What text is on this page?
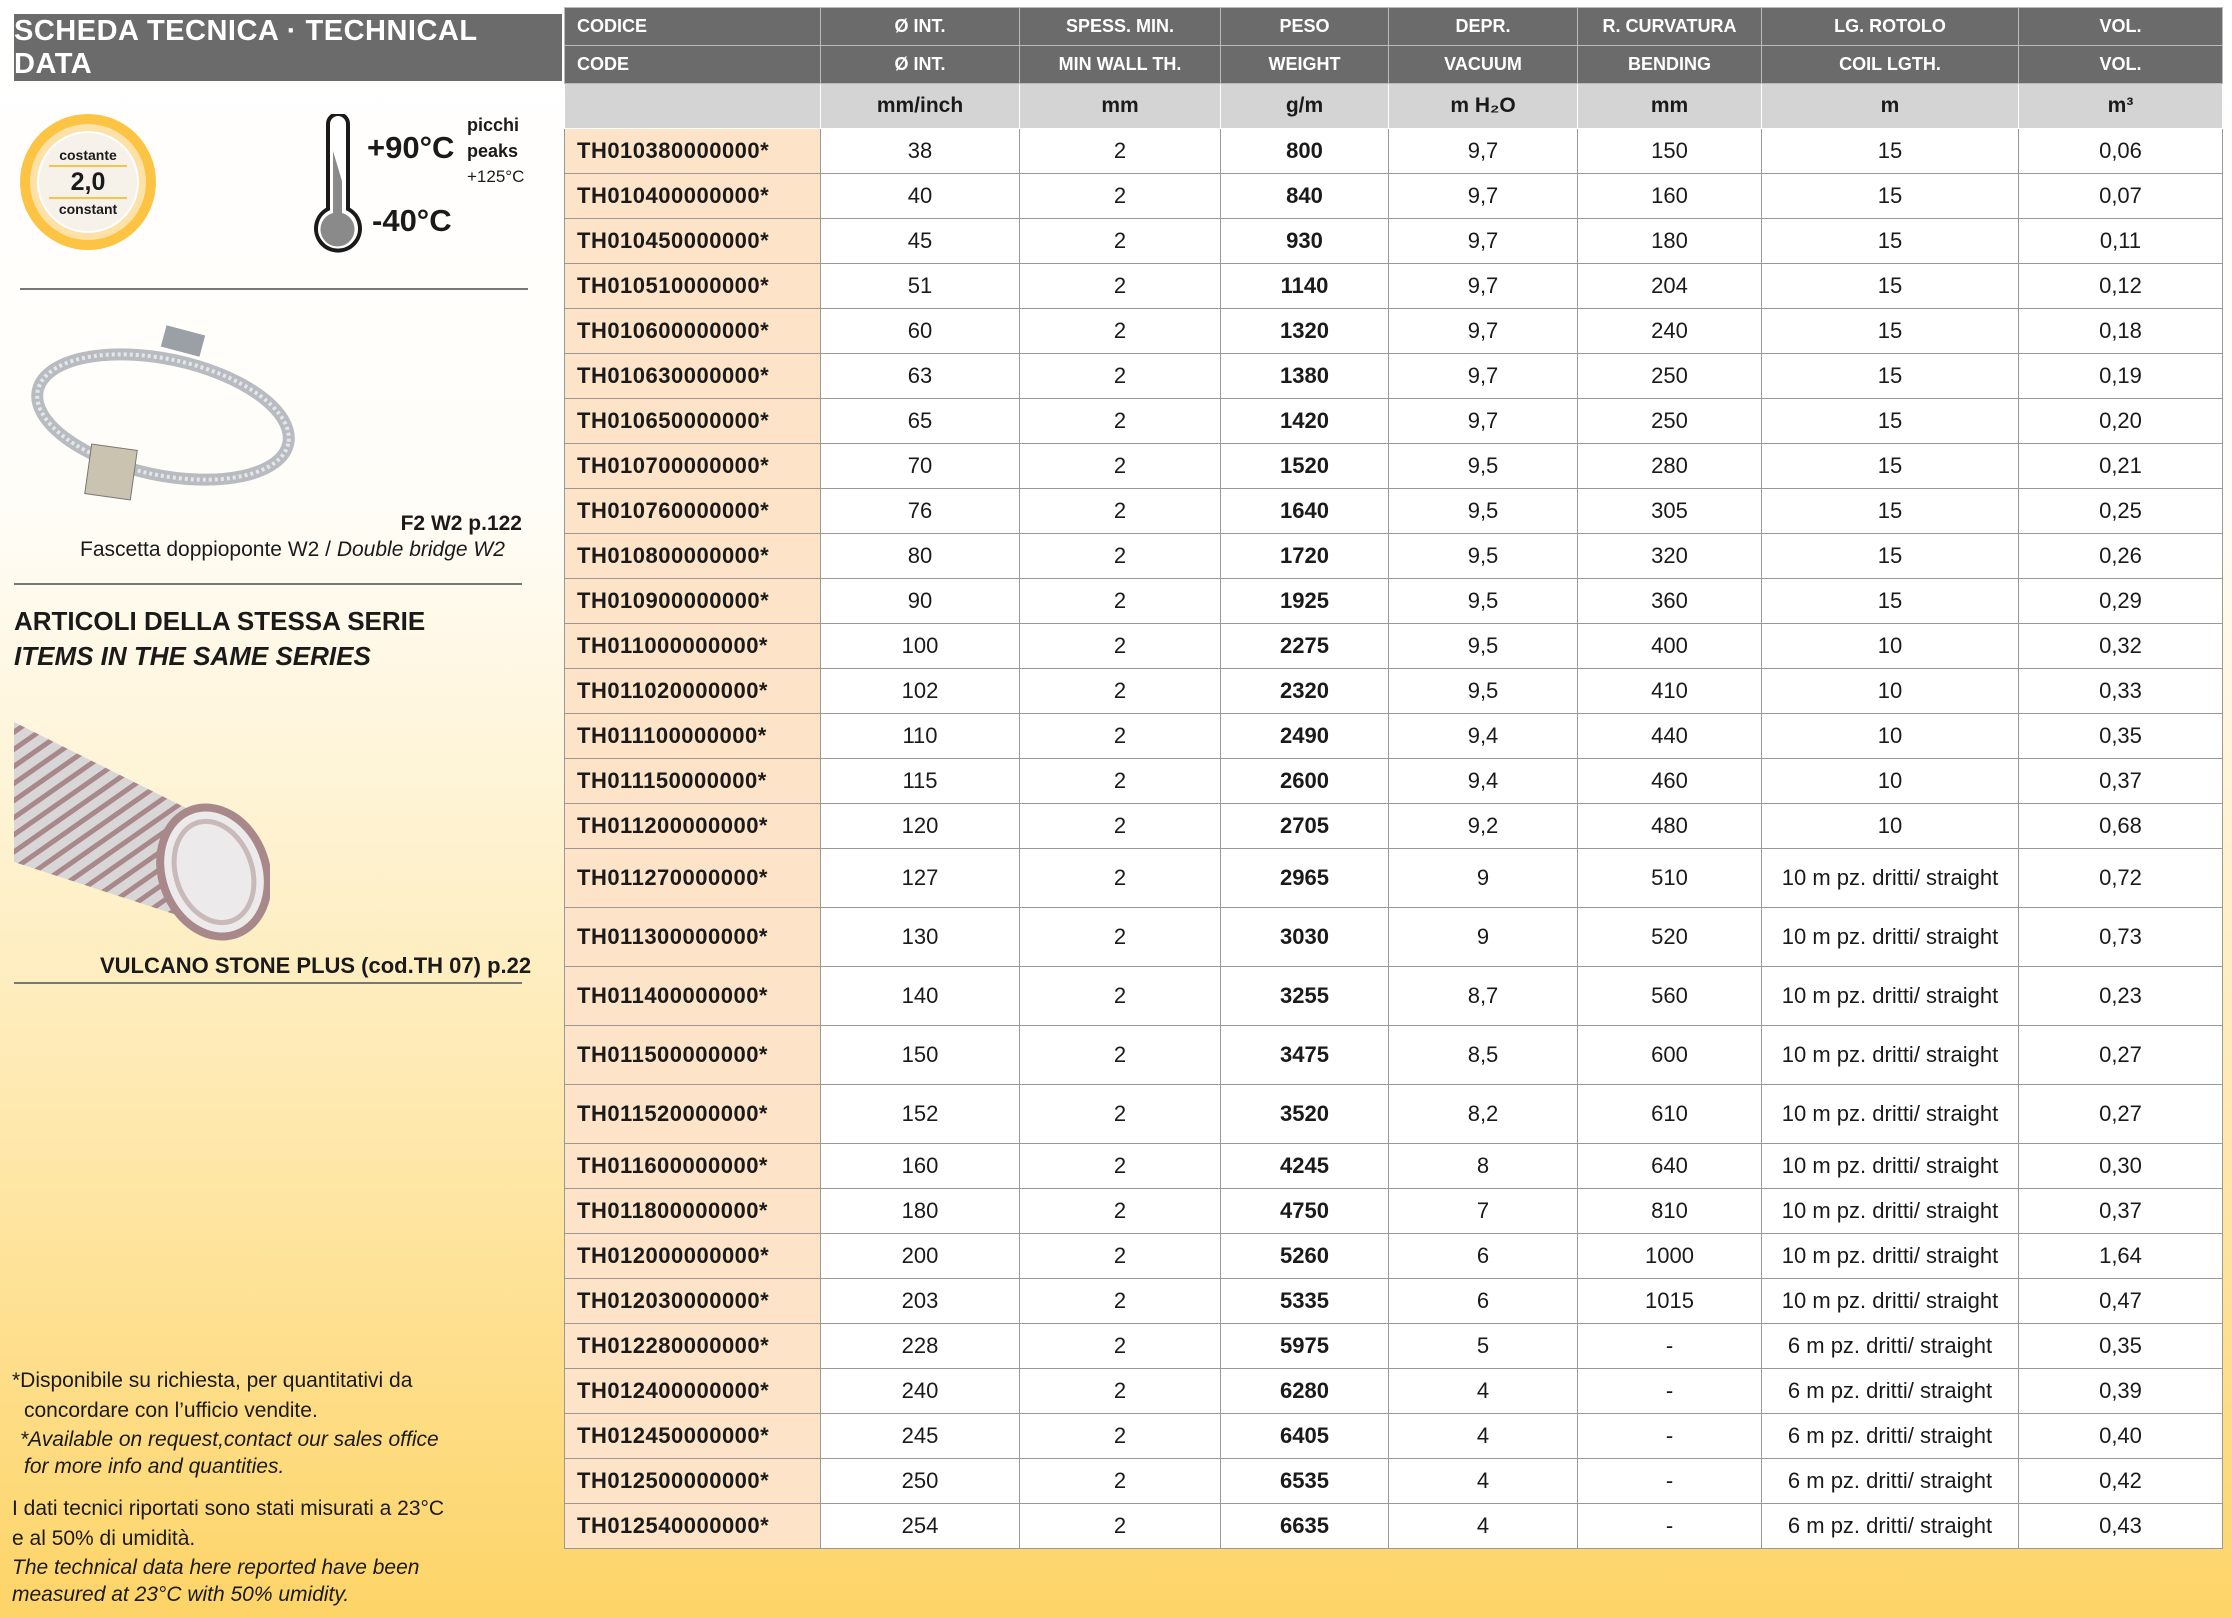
SCHEDA TECNICA · TECHNICAL DATA
costante
2,0
constant
+90°C
-40°C
picchi
peaks
+125°C
F2 W2 p.122
Fascetta doppioponte W2 / Double bridge W2
ARTICOLI DELLA STESSA SERIE
ITEMS IN THE SAME SERIES
VULCANO STONE PLUS (cod.TH 07) p.22
*Disponibile su richiesta, per quantitativi da
concordare con l’ufficio vendite.
*Available on request,contact our sales office
for more info and quantities.
I dati tecnici riportati sono stati misurati a 23°C
e al 50% di umidità.
The technical data here reported have been
measured at 23°C with 50% umidity.
CODICE	Ø INT.	SPESS. MIN.	PESO	DEPR.	R. CURVATURA	LG. ROTOLO	VOL.
CODE	Ø INT.	MIN WALL TH.	WEIGHT	VACUUM	BENDING	COIL LGTH.	VOL.
	mm/inch	mm	g/m	m H₂O	mm	m	m³
TH010380000000*	38	2	800	9,7	150	15	0,06
TH010400000000*	40	2	840	9,7	160	15	0,07
TH010450000000*	45	2	930	9,7	180	15	0,11
TH010510000000*	51	2	1140	9,7	204	15	0,12
TH010600000000*	60	2	1320	9,7	240	15	0,18
TH010630000000*	63	2	1380	9,7	250	15	0,19
TH010650000000*	65	2	1420	9,7	250	15	0,20
TH010700000000*	70	2	1520	9,5	280	15	0,21
TH010760000000*	76	2	1640	9,5	305	15	0,25
TH010800000000*	80	2	1720	9,5	320	15	0,26
TH010900000000*	90	2	1925	9,5	360	15	0,29
TH011000000000*	100	2	2275	9,5	400	10	0,32
TH011020000000*	102	2	2320	9,5	410	10	0,33
TH011100000000*	110	2	2490	9,4	440	10	0,35
TH011150000000*	115	2	2600	9,4	460	10	0,37
TH011200000000*	120	2	2705	9,2	480	10	0,68
TH011270000000*	127	2	2965	9	510	10 m pz. dritti/ straight	0,72
TH011300000000*	130	2	3030	9	520	10 m pz. dritti/ straight	0,73
TH011400000000*	140	2	3255	8,7	560	10 m pz. dritti/ straight	0,23
TH011500000000*	150	2	3475	8,5	600	10 m pz. dritti/ straight	0,27
TH011520000000*	152	2	3520	8,2	610	10 m pz. dritti/ straight	0,27
TH011600000000*	160	2	4245	8	640	10 m pz. dritti/ straight	0,30
TH011800000000*	180	2	4750	7	810	10 m pz. dritti/ straight	0,37
TH012000000000*	200	2	5260	6	1000	10 m pz. dritti/ straight	1,64
TH012030000000*	203	2	5335	6	1015	10 m pz. dritti/ straight	0,47
TH012280000000*	228	2	5975	5	-	6 m pz. dritti/ straight	0,35
TH012400000000*	240	2	6280	4	-	6 m pz. dritti/ straight	0,39
TH012450000000*	245	2	6405	4	-	6 m pz. dritti/ straight	0,40
TH012500000000*	250	2	6535	4	-	6 m pz. dritti/ straight	0,42
TH012540000000*	254	2	6635	4	-	6 m pz. dritti/ straight	0,43
